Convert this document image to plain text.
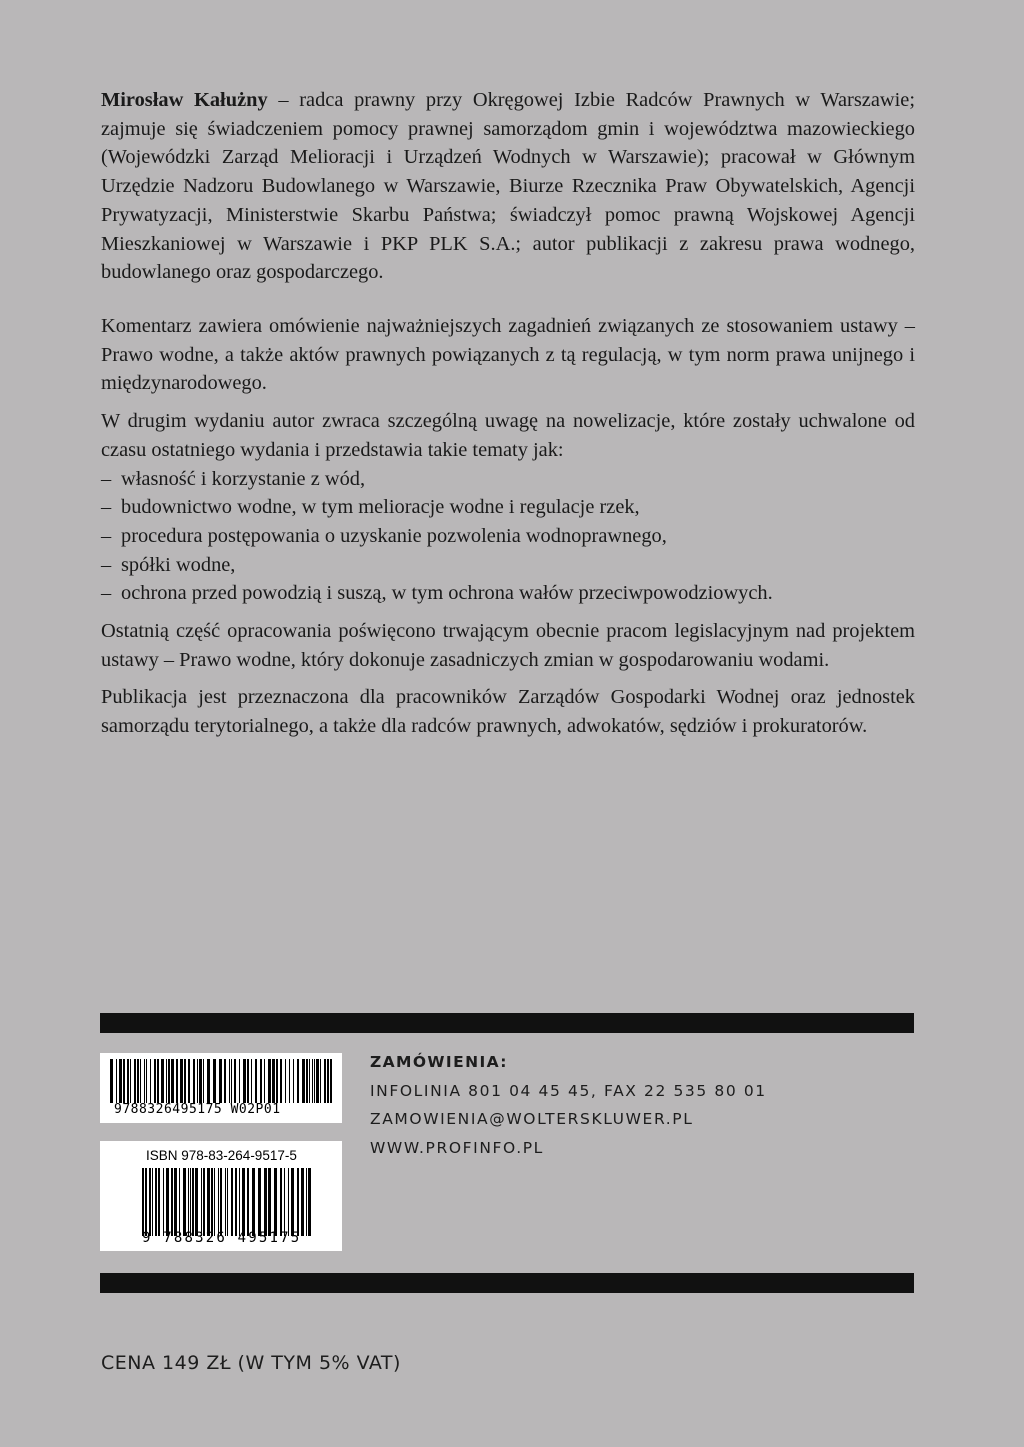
Mirosław Kałużny – radca prawny przy Okręgowej Izbie Radców Prawnych w Warszawie; zajmuje się świadczeniem pomocy prawnej samorządom gmin i województwa mazowieckiego (Wojewódzki Zarząd Melioracji i Urządzeń Wodnych w Warszawie); pracował w Głównym Urzędzie Nadzoru Budowlanego w Warszawie, Biurze Rzecznika Praw Obywatelskich, Agencji Prywatyzacji, Ministerstwie Skarbu Państwa; świadczył pomoc prawną Wojskowej Agencji Mieszkaniowej w Warszawie i PKP PLK S.A.; autor publikacji z zakresu prawa wodnego, budowlanego oraz gospodarczego.

Komentarz zawiera omówienie najważniejszych zagadnień związanych ze stosowaniem ustawy – Prawo wodne, a także aktów prawnych powiązanych z tą regulacją, w tym norm prawa unijnego i międzynarodowego.

W drugim wydaniu autor zwraca szczególną uwagę na nowelizacje, które zostały uchwalone od czasu ostatniego wydania i przedstawia takie tematy jak:

– własność i korzystanie z wód,
– budownictwo wodne, w tym melioracje wodne i regulacje rzek,
– procedura postępowania o uzyskanie pozwolenia wodnoprawnego,
– spółki wodne,
– ochrona przed powodzią i suszą, w tym ochrona wałów przeciwpowodziowych.

Ostatnią część opracowania poświęcono trwającym obecnie pracom legislacyjnym nad projektem ustawy – Prawo wodne, który dokonuje zasadniczych zmian w gospodarowaniu wodami.

Publikacja jest przeznaczona dla pracowników Zarządów Gospodarki Wodnej oraz jednostek samorządu terytorialnego, a także dla radców prawnych, adwokatów, sędziów i prokuratorów.

9788326495175 W02P01
ISBN 978-83-264-9517-5
9 788326 495175
ZAMÓWIENIA:
INFOLINIA 801 04 45 45, FAX 22 535 80 01
ZAMOWIENIA@WOLTERSKLUWER.PL
WWW.PROFINFO.PL
CENA 149 ZŁ (W TYM 5% VAT)
